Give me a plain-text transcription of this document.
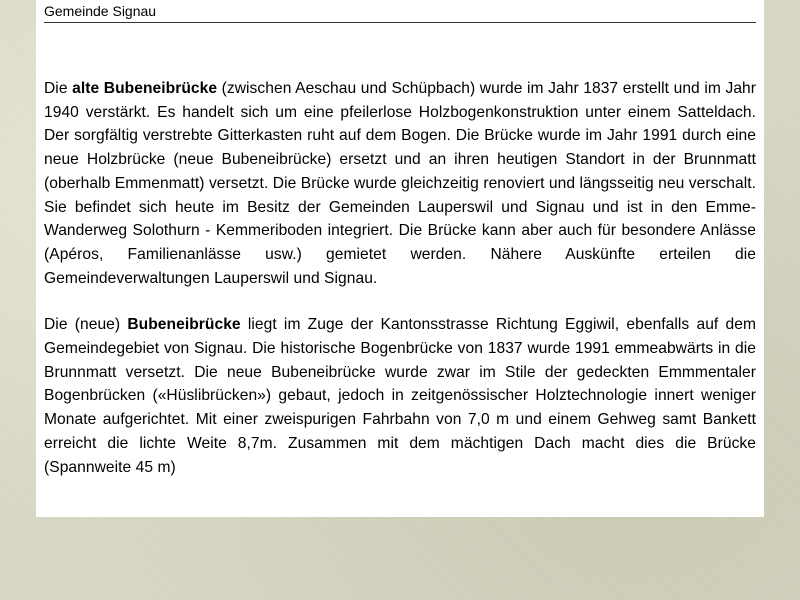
Gemeinde Signau

Die alte Bubeneibrücke (zwischen Aeschau und Schüpbach) wurde im Jahr 1837 erstellt und im Jahr 1940 verstärkt. Es handelt sich um eine pfeilerlose Holzbogenkonstruktion unter einem Satteldach. Der sorgfältig verstrebte Gitterkasten ruht auf dem Bogen. Die Brücke wurde im Jahr 1991 durch eine neue Holzbrücke (neue Bubeneibrücke) ersetzt und an ihren heutigen Standort in der Brunnmatt (oberhalb Emmenmatt) versetzt. Die Brücke wurde gleichzeitig renoviert und längsseitig neu verschalt. Sie befindet sich heute im Besitz der Gemeinden Lauperswil und Signau und ist in den Emme-Wanderweg Solothurn - Kemmeriboden integriert. Die Brücke kann aber auch für besondere Anlässe (Apéros, Familienanlässe usw.) gemietet werden. Nähere Auskünfte erteilen die Gemeindeverwaltungen Lauperswil und Signau.

Die (neue) Bubeneibrücke liegt im Zuge der Kantonsstrasse Richtung Eggiwil, ebenfalls auf dem Gemeindegebiet von Signau. Die historische Bogenbrücke von 1837 wurde 1991 emmeabwärts in die Brunnmatt versetzt. Die neue Bubeneibrücke wurde zwar im Stile der gedeckten Emmmentaler Bogenbrücken («Hüslibrücken») gebaut, jedoch in zeitgenössischer Holztechnologie innert weniger Monate aufgerichtet. Mit einer zweispurigen Fahrbahn von 7,0 m und einem Gehweg samt Bankett erreicht die lichte Weite 8,7m. Zusammen mit dem mächtigen Dach macht dies die Brücke (Spannweite 45 m)
